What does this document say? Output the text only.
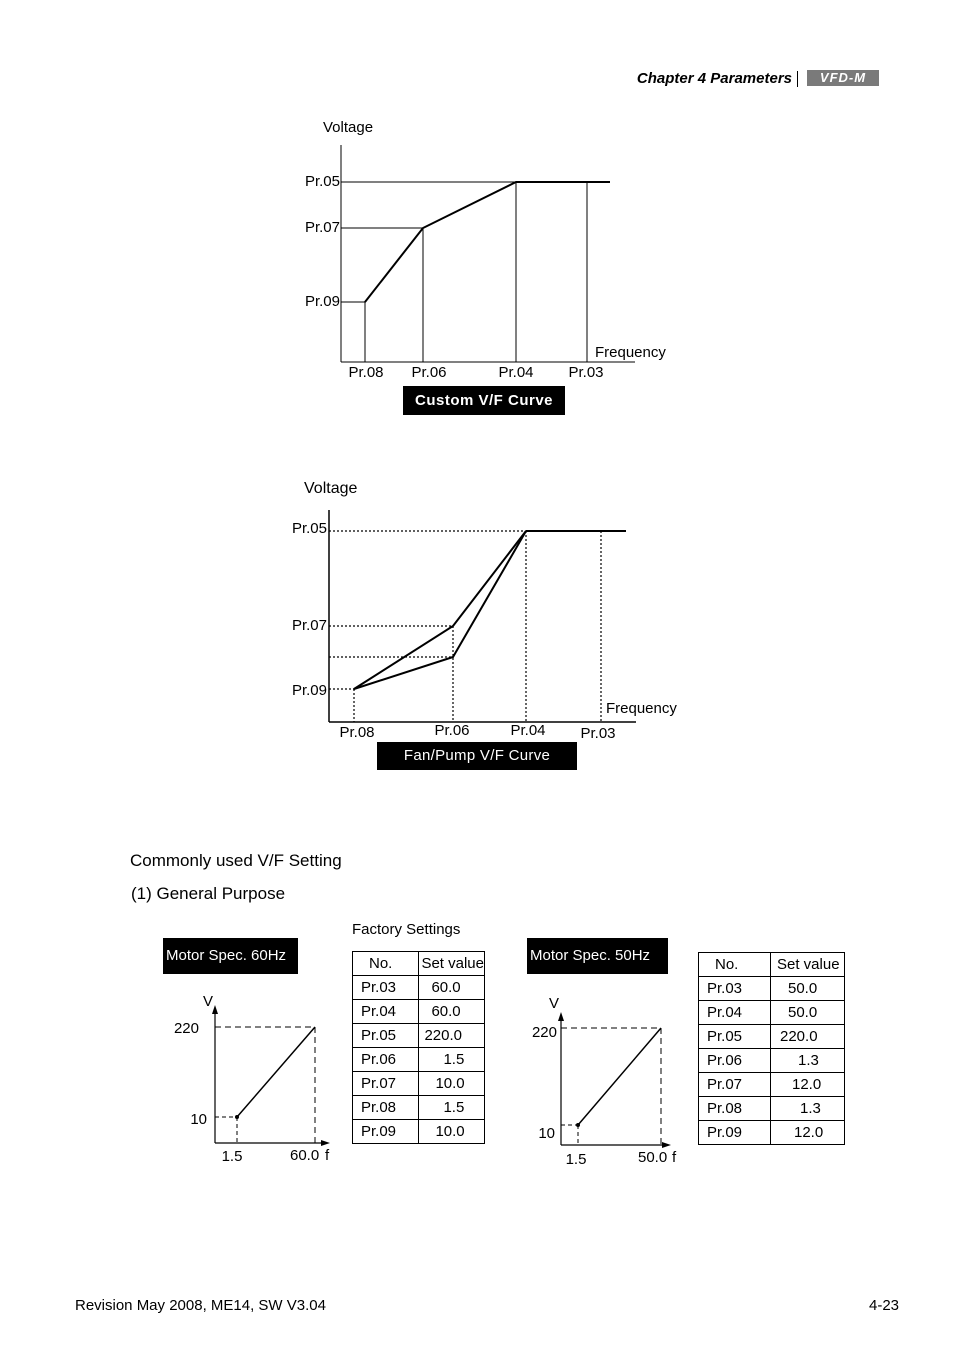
Chapter 4 Parameters	VFD-M
Voltage
Pr.05
Pr.07
Pr.09
Pr.08 Pr.06	Pr.04 Pr.03
Frequency
Custom V/F Curve
Voltage
Pr.05
Pr.07
Pr.09
Pr.08	Pr.06	Pr.04 Pr.03
Frequency
Fan/Pump V/F Curve
Commonly used V/F Setting
(1) General Purpose
Factory Settings
Motor Spec. 60Hz
V
220
10
1.5	60.0 f
No.	Set value
Pr.03	60.0
Pr.04	60.0
Pr.05	220.0
Pr.06	1.5
Pr.07	10.0
Pr.08	1.5
Pr.09	10.0
Motor Spec. 50Hz
V
220
10
1.5	50.0 f
No.	Set value
Pr.03	50.0
Pr.04	50.0
Pr.05	220.0
Pr.06	1.3
Pr.07	12.0
Pr.08	1.3
Pr.09	12.0
Revision May 2008, ME14, SW V3.04	4-23
